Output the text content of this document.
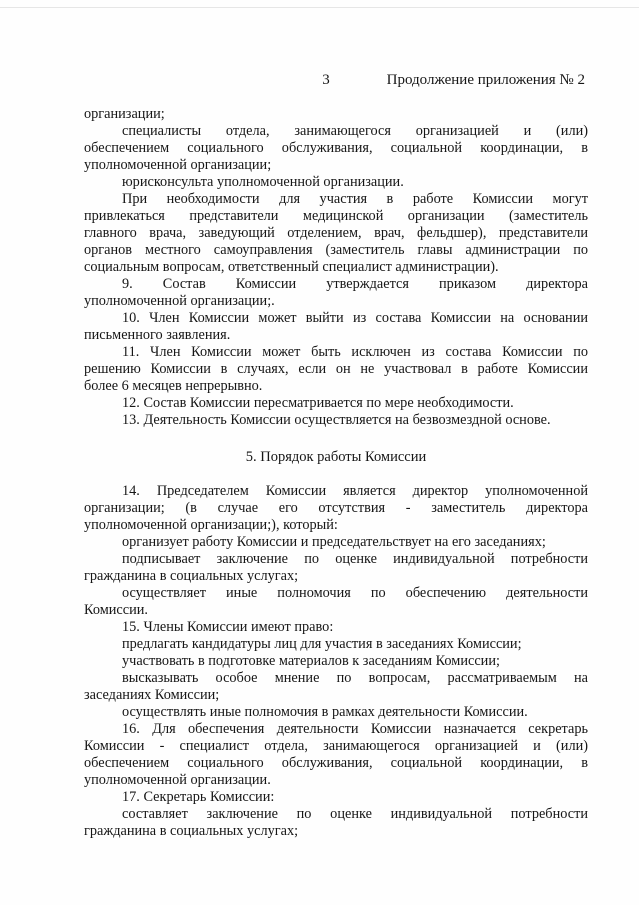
3	Продолжение приложения № 2
организации;
специалисты отдела, занимающегося организацией и (или)
обеспечением социального обслуживания, социальной координации, в
уполномоченной организации;
юрисконсульта уполномоченной организации.
При необходимости для участия в работе Комиссии могут
привлекаться представители медицинской организации (заместитель
главного врача, заведующий отделением, врач, фельдшер), представители
органов местного самоуправления (заместитель главы администрации по
социальным вопросам, ответственный специалист администрации).
9. Состав Комиссии утверждается приказом директора
уполномоченной организации;.
10. Член Комиссии может выйти из состава Комиссии на основании
письменного заявления.
11. Член Комиссии может быть исключен из состава Комиссии по
решению Комиссии в случаях, если он не участвовал в работе Комиссии
более 6 месяцев непрерывно.
12. Состав Комиссии пересматривается по мере необходимости.
13. Деятельность Комиссии осуществляется на безвозмездной основе.
5. Порядок работы Комиссии
14. Председателем Комиссии является директор уполномоченной
организации; (в случае его отсутствия - заместитель директора
уполномоченной организации;), который:
организует работу Комиссии и председательствует на его заседаниях;
подписывает заключение по оценке индивидуальной потребности
гражданина в социальных услугах;
осуществляет иные полномочия по обеспечению деятельности
Комиссии.
15. Члены Комиссии имеют право:
предлагать кандидатуры лиц для участия в заседаниях Комиссии;
участвовать в подготовке материалов к заседаниям Комиссии;
высказывать особое мнение по вопросам, рассматриваемым на
заседаниях Комиссии;
осуществлять иные полномочия в рамках деятельности Комиссии.
16. Для обеспечения деятельности Комиссии назначается секретарь
Комиссии - специалист отдела, занимающегося организацией и (или)
обеспечением социального обслуживания, социальной координации, в
уполномоченной организации.
17. Секретарь Комиссии:
составляет заключение по оценке индивидуальной потребности
гражданина в социальных услугах;
